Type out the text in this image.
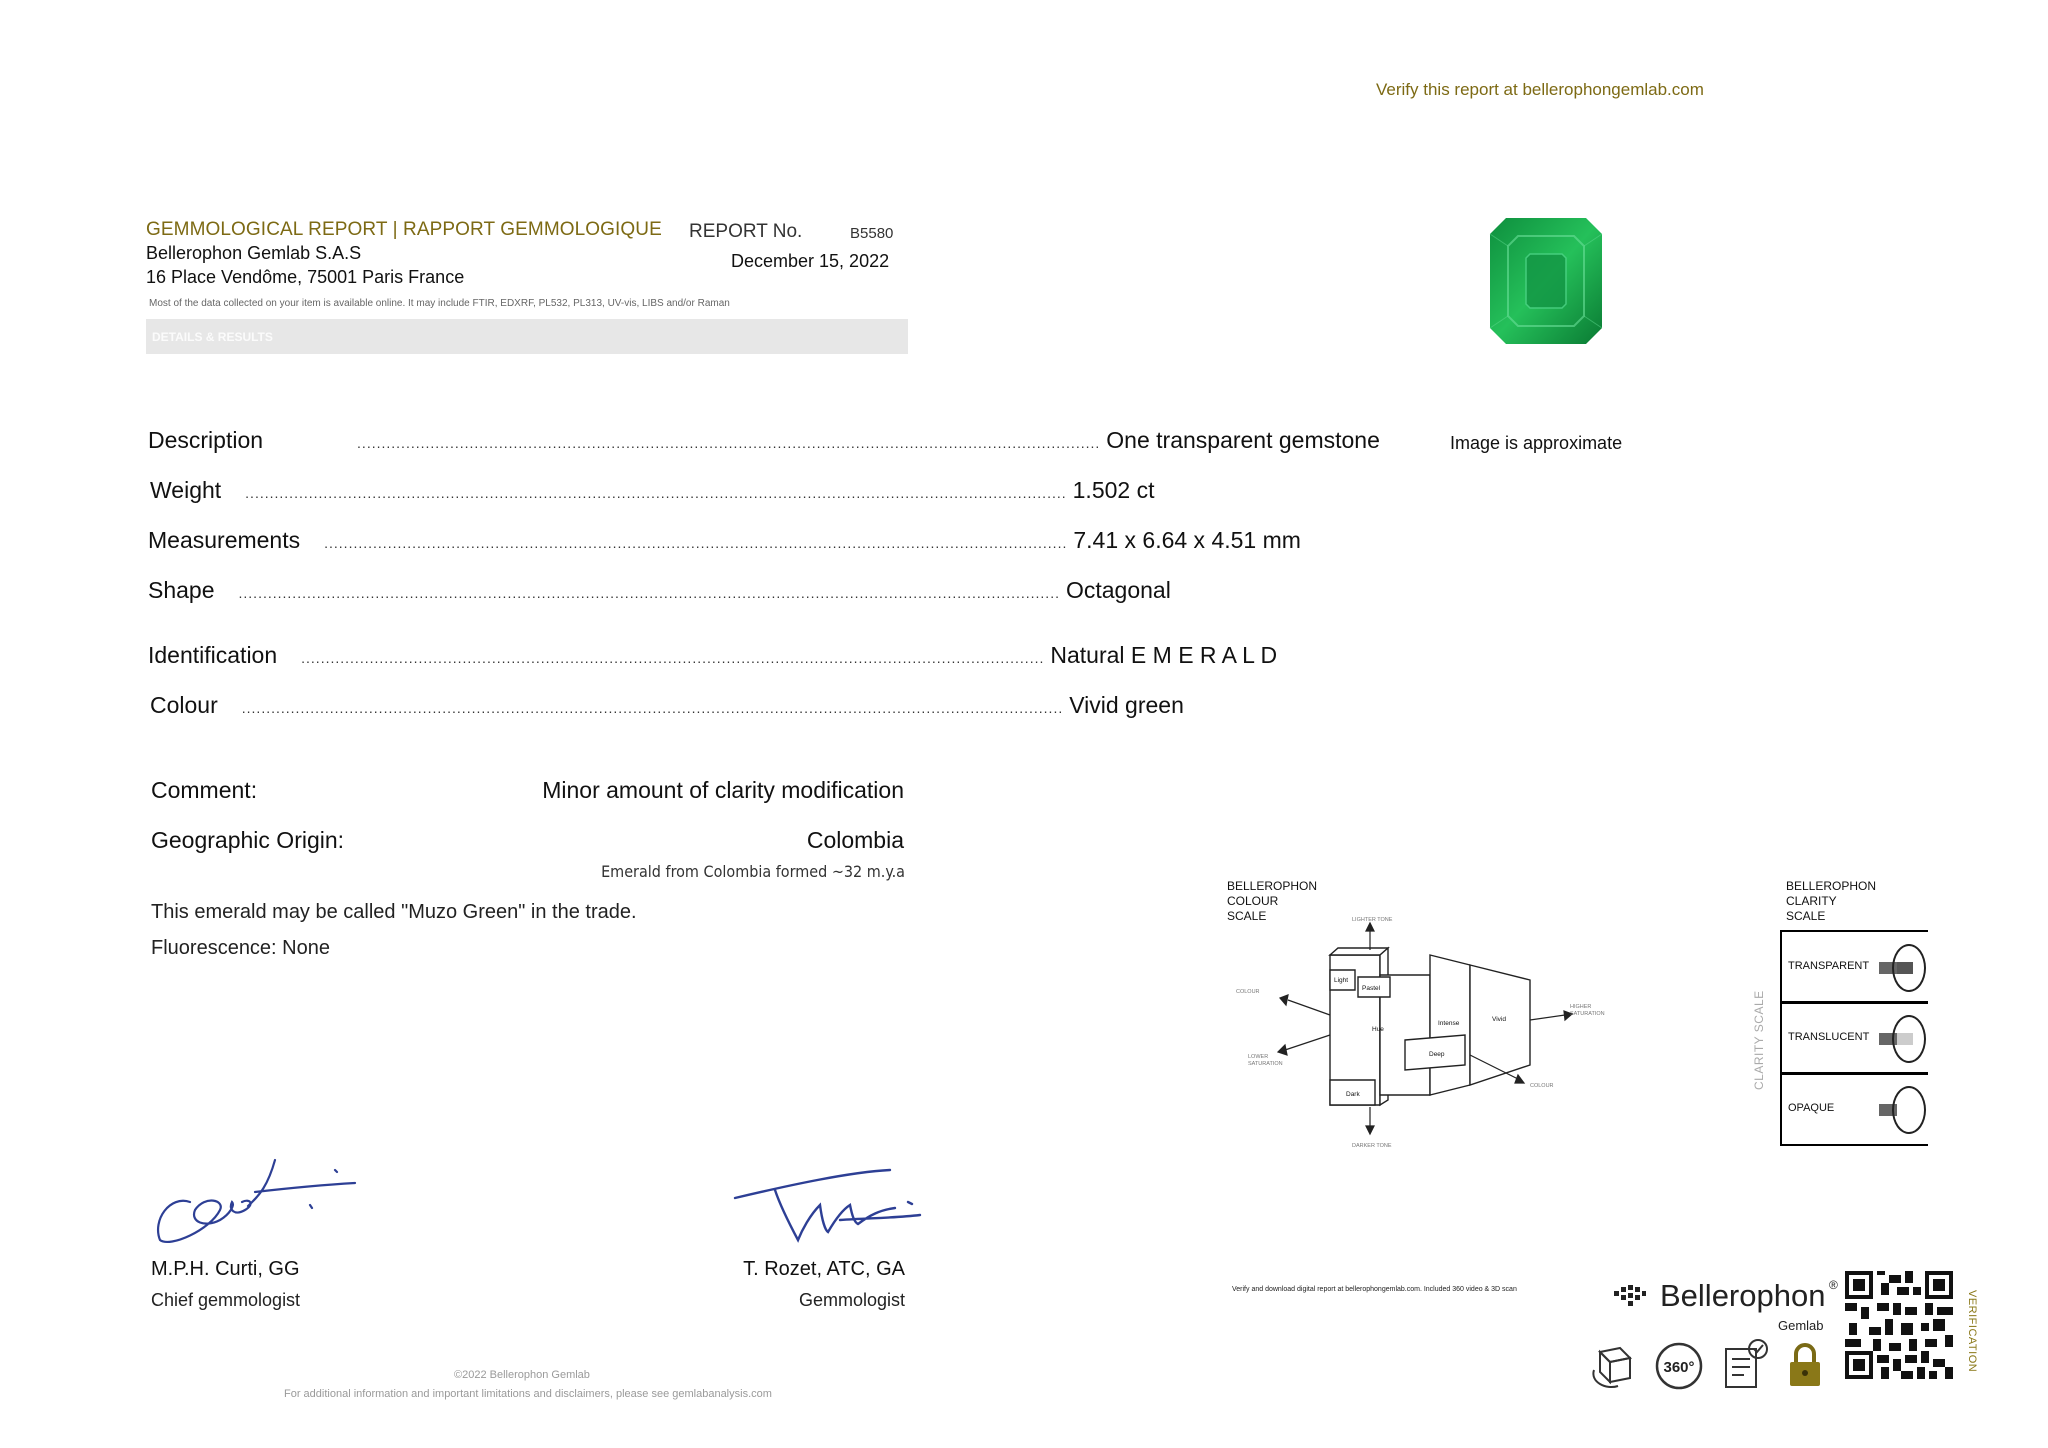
Verify this report at bellerophongemlab.com
GEMMOLOGICAL REPORT | RAPPORT GEMMOLOGIQUE
Bellerophon Gemlab S.A.S
16 Place Vendôme, 75001 Paris France
REPORT No.	B5580
December 15, 2022
Most of the data collected on your item is available online. It may include FTIR, EDXRF, PL532, PL313, UV-vis, LIBS and/or Raman
DETAILS & RESULTS
Description	........................................................................................................................................................ One transparent gemstone
Weight ........................................................................................................................................................................ 1.502 ct
Measurements ........................................................................................................................................................ 7.41 x 6.64 x 4.51 mm
Shape ........................................................................................................................................................................ Octagonal
Identification ........................................................................................................................................................ Natural E M E R A L D
Colour ........................................................................................................................................................................ Vivid green
Comment:	Minor amount of clarity modification
Geographic Origin:	Colombia
Emerald from Colombia formed ~32 m.y.a
This emerald may be called "Muzo Green" in the trade.
Fluorescence: None
M.P.H. Curti, GG
Chief gemmologist
T. Rozet, ATC, GA
Gemmologist
©2022 Bellerophon Gemlab
For additional information and important limitations and disclaimers, please see gemlabanalysis.com
Image is approximate
BELLEROPHON
COLOUR
SCALE
Light
Pastel
Hue
Intense
Vivid
Deep
Dark
LIGHTER TONE
DARKER TONE
COLOUR
COLOUR
HIGHER
SATURATION
LOWER
SATURATION
BELLEROPHON
CLARITY
SCALE
CLARITY SCALE
TRANSPARENT
TRANSLUCENT
OPAQUE
Verify and download digital report at bellerophongemlab.com. Included 360 video & 3D scan	Bellerophon ®
Gemlab
360°	VERIFICATION
